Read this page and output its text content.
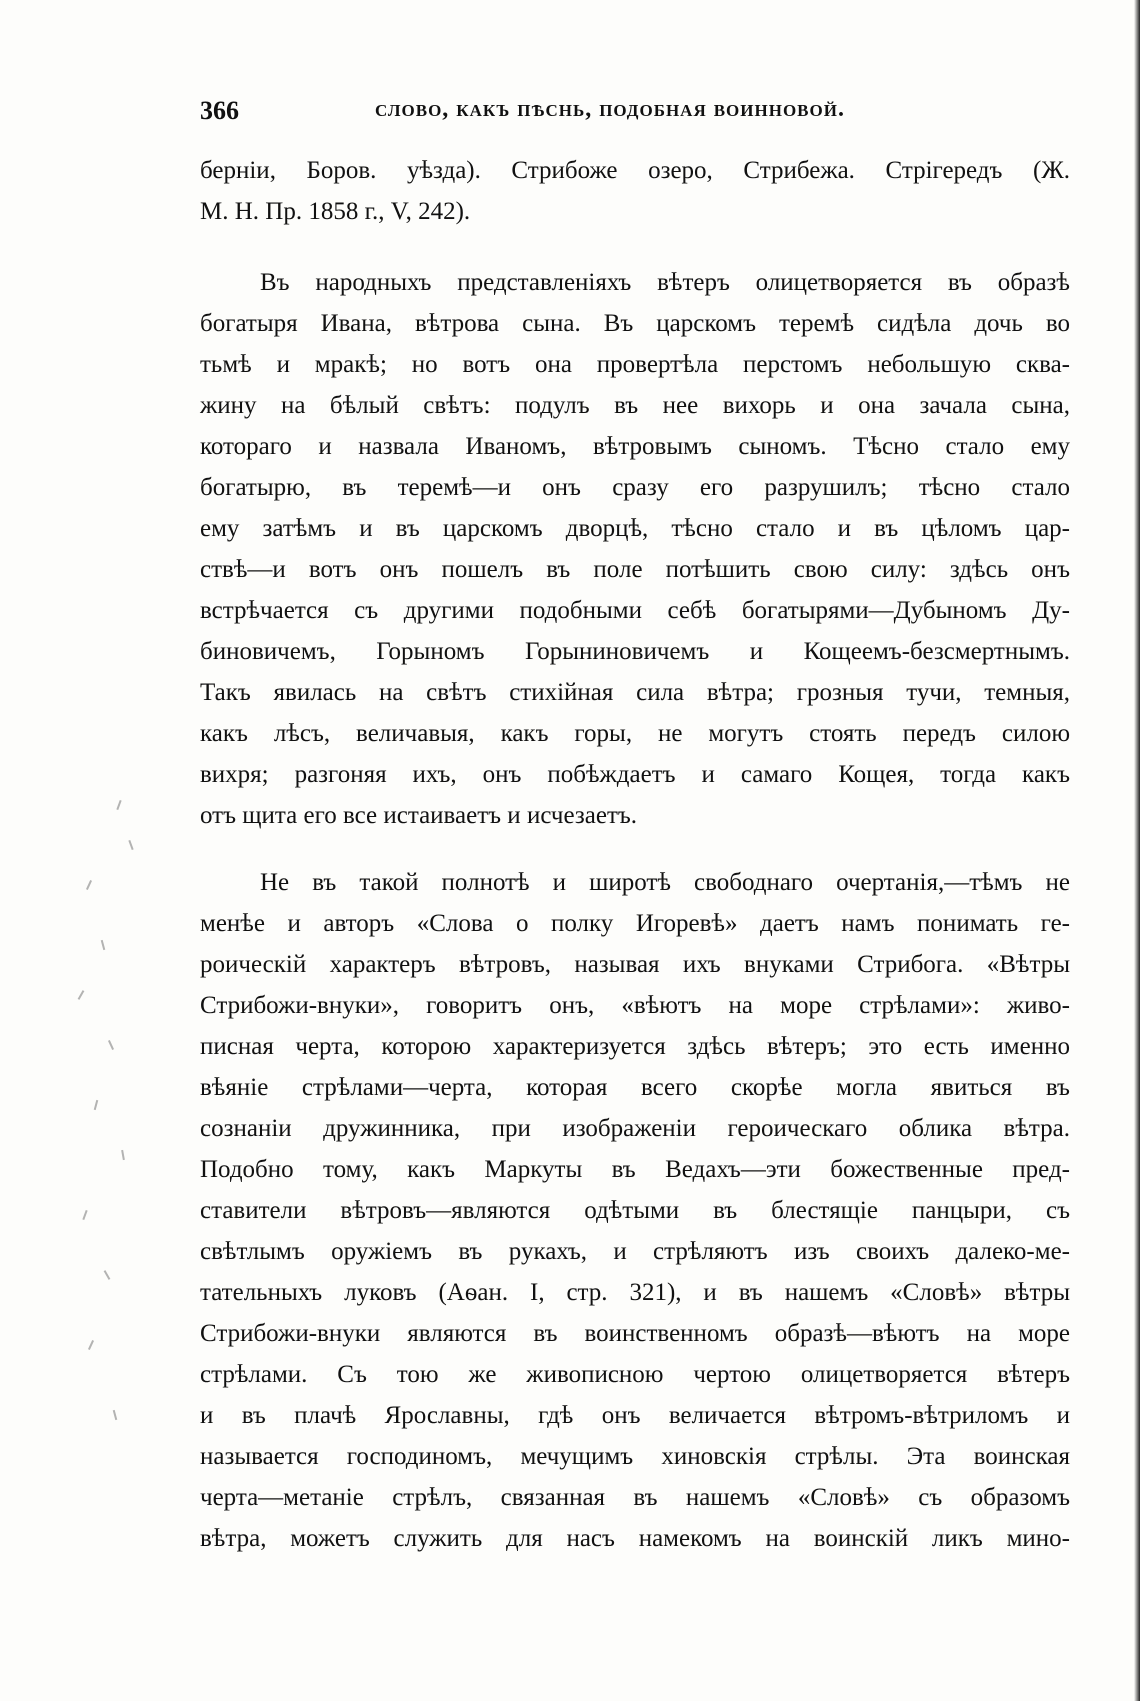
366	слово, какъ пѣснь, подобная воинновой.
берніи, Боров. уѣзда). Стрибоже озеро, Стрибежа. Стрiгередъ (Ж.
М. Н. Пр. 1858 г., V, 242).
Въ народныхъ представленiяхъ вѣтеръ олицетворяется въ образѣ
богатыря Ивана, вѣтрова сына. Въ царскомъ теремѣ сидѣла дочь во
тьмѣ и мракѣ; но вотъ она провертѣла перстомъ небольшую сква-
жину на бѣлый свѣтъ: подулъ въ нее вихорь и она зачала сына,
котораго и назвала Иваномъ, вѣтровымъ сыномъ. Тѣсно стало ему
богатырю, въ теремѣ—и онъ сразу его разрушилъ; тѣсно стало
ему затѣмъ и въ царскомъ дворцѣ, тѣсно стало и въ цѣломъ цар-
ствѣ—и вотъ онъ пошелъ въ поле потѣшить свою силу: здѣсь онъ
встрѣчается съ другими подобными себѣ богатырями—Дубыномъ Ду-
биновичемъ, Горыномъ Горыниновичемъ и Кощеемъ-безсмертнымъ.
Такъ явилась на свѣтъ стихiйная сила вѣтра; грозныя тучи, темныя,
какъ лѣсъ, величавыя, какъ горы, не могутъ стоять передъ силою
вихря; разгоняя ихъ, онъ побѣждаетъ и самаго Кощея, тогда какъ
отъ щита его все истаиваетъ и исчезаетъ.
Не въ такой полнотѣ и широтѣ свободнаго очертанiя,—тѣмъ не
менѣе и авторъ «Слова о полку Игоревѣ» даетъ намъ понимать ге-
роическiй характеръ вѣтровъ, называя ихъ внуками Стрибога. «Вѣтры
Стрибожи-внуки», говоритъ онъ, «вѣютъ на море стрѣлами»: живо-
писная черта, которою характеризуется здѣсь вѣтеръ; это есть именно
вѣянiе стрѣлами—черта, которая всего скорѣе могла явиться въ
сознанiи дружинника, при изображенiи героическаго облика вѣтра.
Подобно тому, какъ Маркуты въ Ведахъ—эти божественные пред-
ставители вѣтровъ—являются одѣтыми въ блестящiе панцыри, съ
свѣтлымъ оружiемъ въ рукахъ, и стрѣляютъ изъ своихъ далеко-ме-
тательныхъ луковъ (Аѳан. I, стр. 321), и въ нашемъ «Словѣ» вѣтры
Стрибожи-внуки являются въ воинственномъ образѣ—вѣютъ на море
стрѣлами. Съ тою же живописною чертою олицетворяется вѣтеръ
и въ плачѣ Ярославны, гдѣ онъ величается вѣтромъ-вѣтриломъ и
называется господиномъ, мечущимъ хиновскiя стрѣлы. Эта воинская
черта—метанiе стрѣлъ, связанная въ нашемъ «Словѣ» съ образомъ
вѣтра, можетъ служить для насъ намекомъ на воинскiй ликъ мино-
